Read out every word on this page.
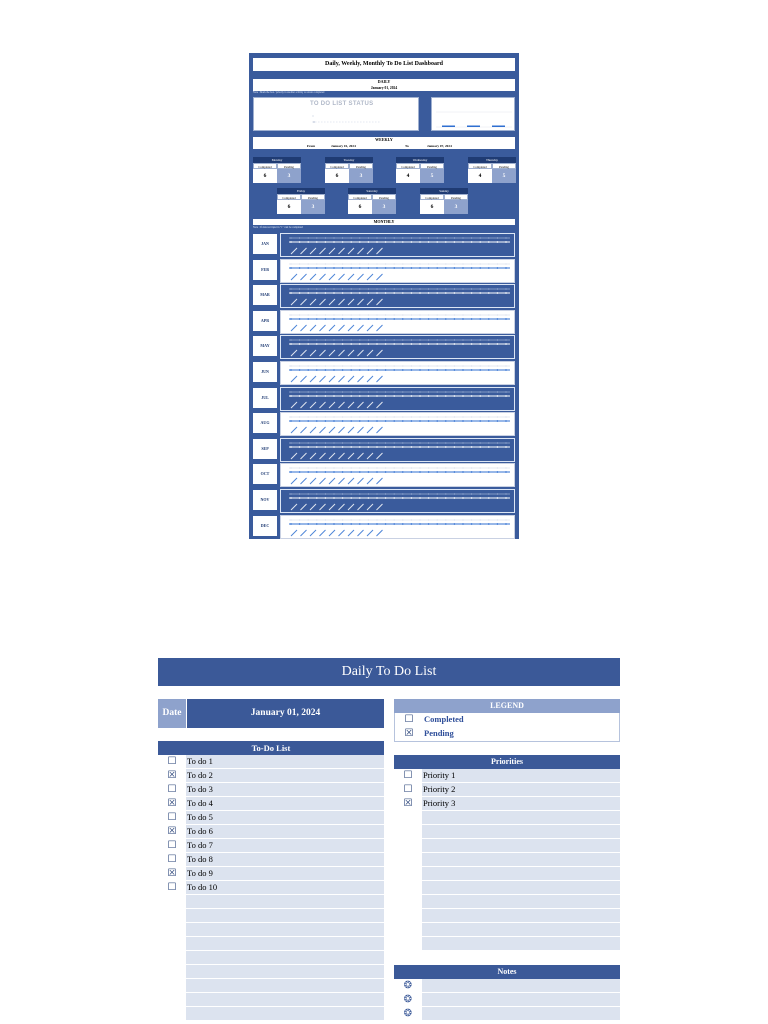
Daily, Weekly, Monthly To Do List Dashboard
DAILY
January 01, 2024
Note : Mark the box / priority in another activity to return completed
TO DO LIST STATUS
WEEKLY
From	January 01, 2024	To	January 07, 2024
Monday
Completed	Pending
6	3
Tuesday
Completed	Pending
6	3
Wednesday
Completed	Pending
4	5
Thursday
Completed	Pending
4	5
Friday
Completed	Pending
6	3
Saturday
Completed	Pending
6	3
Sunday
Completed	Pending
6	3
MONTHLY
Note : If data not input in "1" cant be completed
JAN
FEB
MAR
APR
MAY
JUN
JUL
AUG
SEP
OCT
NOV
DEC
Daily To Do List
Date	January 01, 2024
To-Do List
☐	To do 1
☒	To do 2
☐	To do 3
☒	To do 4
☐	To do 5
☒	To do 6
☐	To do 7
☐	To do 8
☒	To do 9
☐	To do 10
LEGEND
☐	Completed
☒	Pending
Priorities
☐	Priority 1
☐	Priority 2
☒	Priority 3
Notes
❂
❂
❂
